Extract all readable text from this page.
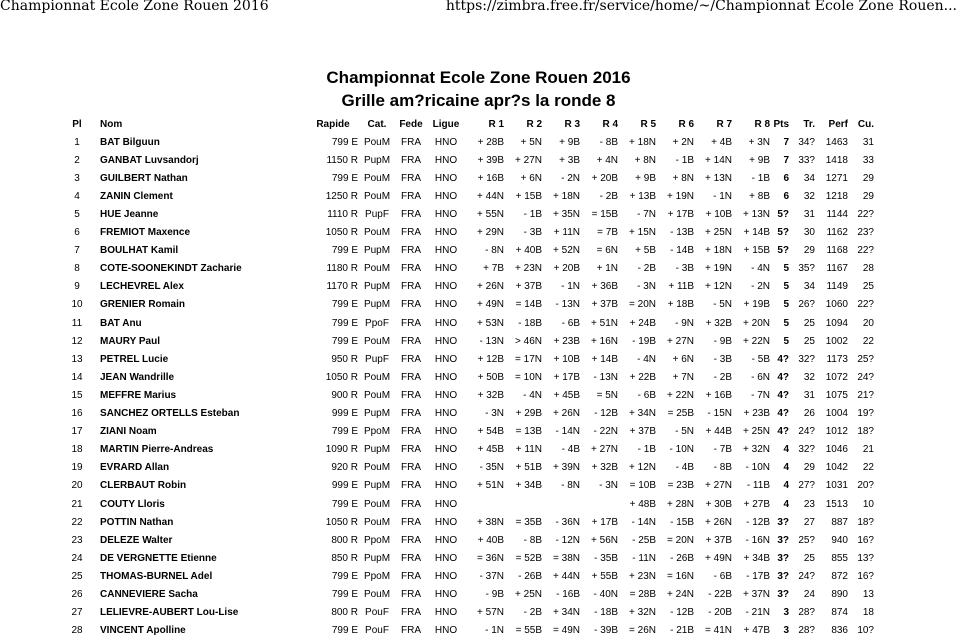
Championnat Ecole Zone Rouen 2016	https://zimbra.free.fr/service/home/~/Championnat Ecole Zone Rouen...
Championnat Ecole Zone Rouen 2016
Grille am?ricaine apr?s la ronde 8
Pl		Nom	Rapide	Cat.	Fede	Ligue	R 1	R 2	R 3	R 4	R 5	R 6	R 7	R 8	Pts	Tr.	Perf	Cu.
1		BAT Bilguun	799 E	PouM	FRA	HNO	+ 28B	+ 5N	+ 9B	- 8B	+ 18N	+ 2N	+ 4B	+ 3N	7	34?	1463	31
2		GANBAT Luvsandorj	1150 R	PupM	FRA	HNO	+ 39B	+ 27N	+ 3B	+ 4N	+ 8N	- 1B	+ 14N	+ 9B	7	33?	1418	33
3		GUILBERT Nathan	799 E	PouM	FRA	HNO	+ 16B	+ 6N	- 2N	+ 20B	+ 9B	+ 8N	+ 13N	- 1B	6	34	1271	29
4		ZANIN Clement	1250 R	PouM	FRA	HNO	+ 44N	+ 15B	+ 18N	- 2B	+ 13B	+ 19N	- 1N	+ 8B	6	32	1218	29
5		HUE Jeanne	1110 R	PupF	FRA	HNO	+ 55N	- 1B	+ 35N	= 15B	- 7N	+ 17B	+ 10B	+ 13N	5?	31	1144	22?
6		FREMIOT Maxence	1050 R	PouM	FRA	HNO	+ 29N	- 3B	+ 11N	= 7B	+ 15N	- 13B	+ 25N	+ 14B	5?	30	1162	23?
7		BOULHAT Kamil	799 E	PupM	FRA	HNO	- 8N	+ 40B	+ 52N	= 6N	+ 5B	- 14B	+ 18N	+ 15B	5?	29	1168	22?
8		COTE-SOONEKINDT Zacharie	1180 R	PouM	FRA	HNO	+ 7B	+ 23N	+ 20B	+ 1N	- 2B	- 3B	+ 19N	- 4N	5	35?	1167	28
9		LECHEVREL Alex	1170 R	PupM	FRA	HNO	+ 26N	+ 37B	- 1N	+ 36B	- 3N	+ 11B	+ 12N	- 2N	5	34	1149	25
10		GRENIER Romain	799 E	PupM	FRA	HNO	+ 49N	= 14B	- 13N	+ 37B	= 20N	+ 18B	- 5N	+ 19B	5	26?	1060	22?
11		BAT Anu	799 E	PpoF	FRA	HNO	+ 53N	- 18B	- 6B	+ 51N	+ 24B	- 9N	+ 32B	+ 20N	5	25	1094	20
12		MAURY Paul	799 E	PouM	FRA	HNO	- 13N	> 46N	+ 23B	+ 16N	- 19B	+ 27N	- 9B	+ 22N	5	25	1002	22
13		PETREL Lucie	950 R	PupF	FRA	HNO	+ 12B	= 17N	+ 10B	+ 14B	- 4N	+ 6N	- 3B	- 5B	4?	32?	1173	25?
14		JEAN Wandrille	1050 R	PouM	FRA	HNO	+ 50B	= 10N	+ 17B	- 13N	+ 22B	+ 7N	- 2B	- 6N	4?	32	1072	24?
15		MEFFRE Marius	900 R	PouM	FRA	HNO	+ 32B	- 4N	+ 45B	= 5N	- 6B	+ 22N	+ 16B	- 7N	4?	31	1075	21?
16		SANCHEZ ORTELLS Esteban	999 E	PupM	FRA	HNO	- 3N	+ 29B	+ 26N	- 12B	+ 34N	= 25B	- 15N	+ 23B	4?	26	1004	19?
17		ZIANI Noam	799 E	PpoM	FRA	HNO	+ 54B	= 13B	- 14N	- 22N	+ 37B	- 5N	+ 44B	+ 25N	4?	24?	1012	18?
18		MARTIN Pierre-Andreas	1090 R	PupM	FRA	HNO	+ 45B	+ 11N	- 4B	+ 27N	- 1B	- 10N	- 7B	+ 32N	4	32?	1046	21
19		EVRARD Allan	920 R	PouM	FRA	HNO	- 35N	+ 51B	+ 39N	+ 32B	+ 12N	- 4B	- 8B	- 10N	4	29	1042	22
20		CLERBAUT Robin	999 E	PupM	FRA	HNO	+ 51N	+ 34B	- 8N	- 3N	= 10B	= 23B	+ 27N	- 11B	4	27?	1031	20?
21		COUTY Lloris	799 E	PouM	FRA	HNO					+ 48B	+ 28N	+ 30B	+ 27B	4	23	1513	10
22		POTTIN Nathan	1050 R	PouM	FRA	HNO	+ 38N	= 35B	- 36N	+ 17B	- 14N	- 15B	+ 26N	- 12B	3?	27	887	18?
23		DELEZE Walter	800 R	PpoM	FRA	HNO	+ 40B	- 8B	- 12N	+ 56N	- 25B	= 20N	+ 37B	- 16N	3?	25?	940	16?
24		DE VERGNETTE Etienne	850 R	PupM	FRA	HNO	= 36N	= 52B	= 38N	- 35B	- 11N	- 26B	+ 49N	+ 34B	3?	25	855	13?
25		THOMAS-BURNEL Adel	799 E	PpoM	FRA	HNO	- 37N	- 26B	+ 44N	+ 55B	+ 23N	= 16N	- 6B	- 17B	3?	24?	872	16?
26		CANNEVIERE Sacha	799 E	PouM	FRA	HNO	- 9B	+ 25N	- 16B	- 40N	= 28B	+ 24N	- 22B	+ 37N	3?	24	890	13
27		LELIEVRE-AUBERT Lou-Lise	800 R	PouF	FRA	HNO	+ 57N	- 2B	+ 34N	- 18B	+ 32N	- 12B	- 20B	- 21N	3	28?	874	18
28		VINCENT Apolline	799 E	PouF	FRA	HNO	- 1N	= 55B	= 49N	- 39B	= 26N	- 21B	= 41N	+ 47B	3	28?	836	10?
